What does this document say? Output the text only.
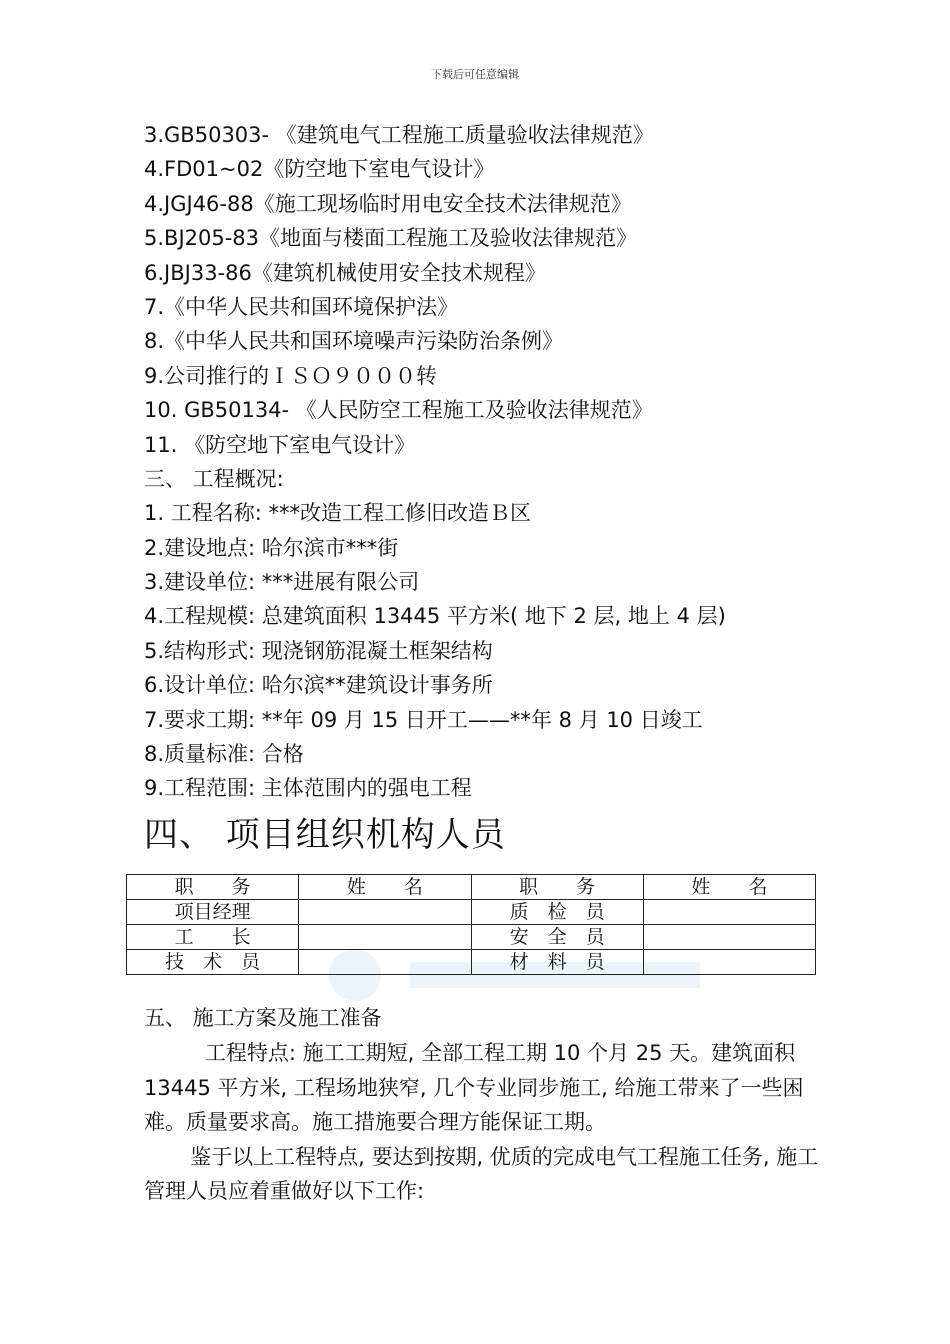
下载后可任意编辑
3.GB50303- 《建筑电气工程施工质量验收法律规范》
4.FD01~02《防空地下室电气设计》
4.JGJ46-88《施工现场临时用电安全技术法律规范》
5.BJ205-83《地面与楼面工程施工及验收法律规范》
6.JBJ33-86《建筑机械使用安全技术规程》
7.《中华人民共和国环境保护法》
8.《中华人民共和国环境噪声污染防治条例》
9.公司推行的ＩＳＯ９０００转
10. GB50134- 《人民防空工程施工及验收法律规范》
11. 《防空地下室电气设计》
三、 工程概况:
1. 工程名称: ***改造工程工修旧改造Ｂ区
2.建设地点: 哈尔滨市***街
3.建设单位: ***进展有限公司
4.工程规模: 总建筑面积 13445 平方米( 地下 2 层, 地上 4 层)
5.结构形式: 现浇钢筋混凝土框架结构
6.设计单位: 哈尔滨**建筑设计事务所
7.要求工期: **年 09 月 15 日开工——**年 8 月 10 日竣工
8.质量标准: 合格
9.工程范围: 主体范围内的强电工程
四、 项目组织机构人员
职　　务	姓　　名	职　　务	姓　　名
项目经理		质　检　员	
工　　长		安　全　员	
技　术　员		材　料　员	
五、 施工方案及施工准备

工程特点: 施工工期短, 全部工程工期 10 个月 25 天。建筑面积 13445 平方米, 工程场地狭窄, 几个专业同步施工, 给施工带来了一些困难。质量要求高。施工措施要合理方能保证工期。

鉴于以上工程特点, 要达到按期, 优质的完成电气工程施工任务, 施工管理人员应着重做好以下工作:
